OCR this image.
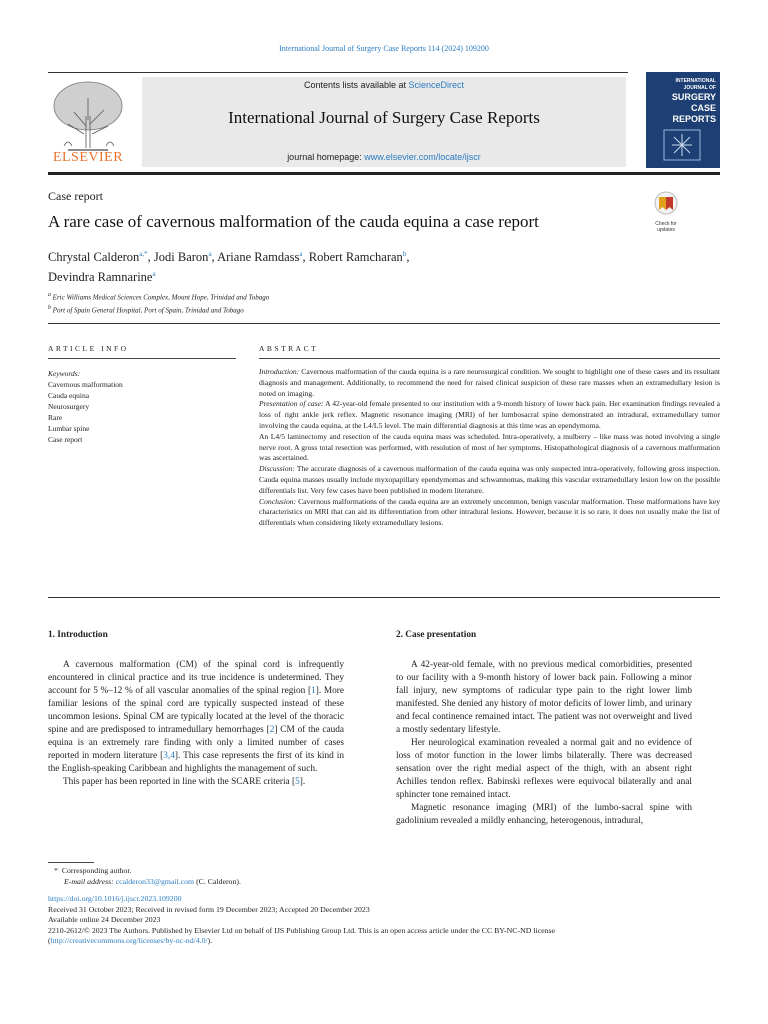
International Journal of Surgery Case Reports 114 (2024) 109200
ELSEVIER
Contents lists available at ScienceDirect
International Journal of Surgery Case Reports
journal homepage: www.elsevier.com/locate/ijscr
INTERNATIONAL
JOURNAL OF
SURGERY
CASE
REPORTS
Case report
A rare case of cavernous malformation of the cauda equina a case report	Check for
updates
Chrystal Calderon$^{a,*}$, Jodi Baron$^a$, Ariane Ramdass$^a$, Robert Ramcharan$^b$,
Devindra Ramnarine$^a$
$^a$ Eric Williams Medical Sciences Complex, Mount Hope, Trinidad and Tobago
$^b$ Port of Spain General Hospital, Port of Spain, Trinidad and Tobago
ARTICLE INFO
Keywords:
Cavernous malformation
Cauda equina
Neurosurgery
Rare
Lumbar spine
Case report
ABSTRACT

Introduction: Cavernous malformation of the cauda equina is a rare neurosurgical condition. We sought to highlight one of these cases and its resultant diagnosis and management. Additionally, to recommend the need for raised clinical suspicion of these rare masses when an extramedullary lesion is noted on imaging.

Presentation of case: A 42-year-old female presented to our institution with a 9-month history of lower back pain. Her examination findings revealed a loss of right ankle jerk reflex. Magnetic resonance imaging (MRI) of her lumbosacral spine demonstrated an intradural, extramedullary tumor involving the cauda equina, at the L4/L5 level. The main differential diagnosis at this time was an ependymoma.

An L4/5 laminectomy and resection of the cauda equina mass was scheduled. Intra-operatively, a mulberry – like mass was noted involving a single nerve root. A gross total resection was performed, with resolution of most of her symptoms. Histopathological diagnosis of a cavernous malformation was ascertained.

Discussion: The accurate diagnosis of a cavernous malformation of the cauda equina was only suspected intra-operatively, following gross inspection. Cauda equina masses usually include myxopapillary ependymomas and schwannomas, making this vascular extramedullary lesion low on the possible differentials list. Very few cases have been published in modern literature.

Conclusion: Cavernous malformations of the cauda equina are an extremely uncommon, benign vascular malformation. These malformations have key characteristics on MRI that can aid its differentiation from other intradural lesions. However, because it is so rare, it does not usually make the list of differentials when considering likely extramedullary lesions.

1. Introduction

A cavernous malformation (CM) of the spinal cord is infrequently encountered in clinical practice and its true incidence is undetermined. They account for 5 %–12 % of all vascular anomalies of the spinal region [1]. More familiar lesions of the spinal cord are typically suspected instead of these uncommon lesions. Spinal CM are typically located at the level of the thoracic spine and are predisposed to intramedullary hemorrhages [2] CM of the cauda equina is an extremely rare finding with only a limited number of cases reported in modern literature [3,4]. This case represents the first of its kind in the English-speaking Caribbean and highlights the management of such.

This paper has been reported in line with the SCARE criteria [5].

2. Case presentation

A 42-year-old female, with no previous medical comorbidities, presented to our facility with a 9-month history of lower back pain. Following a minor fall injury, new symptoms of radicular type pain to the right lower limb manifested. She denied any history of motor deficits of lower limb, and urinary and fecal continence remained intact. The patient was not overweight and lived a mostly sedentary lifestyle.

Her neurological examination revealed a normal gait and no evidence of loss of motor function in the lower limbs bilaterally. There was decreased sensation over the right medial aspect of the thigh, with an absent right Achilles tendon reflex. Babinski reflexes were equivocal bilaterally and anal sphincter tone remained intact.

Magnetic resonance imaging (MRI) of the lumbo-sacral spine with gadolinium revealed a mildly enhancing, heterogenous, intradural,

* Corresponding author.
E-mail address: ccalderon33@gmail.com (C. Calderon).
https://doi.org/10.1016/j.ijscr.2023.109200
Received 31 October 2023; Received in revised form 19 December 2023; Accepted 20 December 2023
Available online 24 December 2023
2210-2612/© 2023 The Authors. Published by Elsevier Ltd on behalf of IJS Publishing Group Ltd. This is an open access article under the CC BY-NC-ND license
(http://creativecommons.org/licenses/by-nc-nd/4.0/).
